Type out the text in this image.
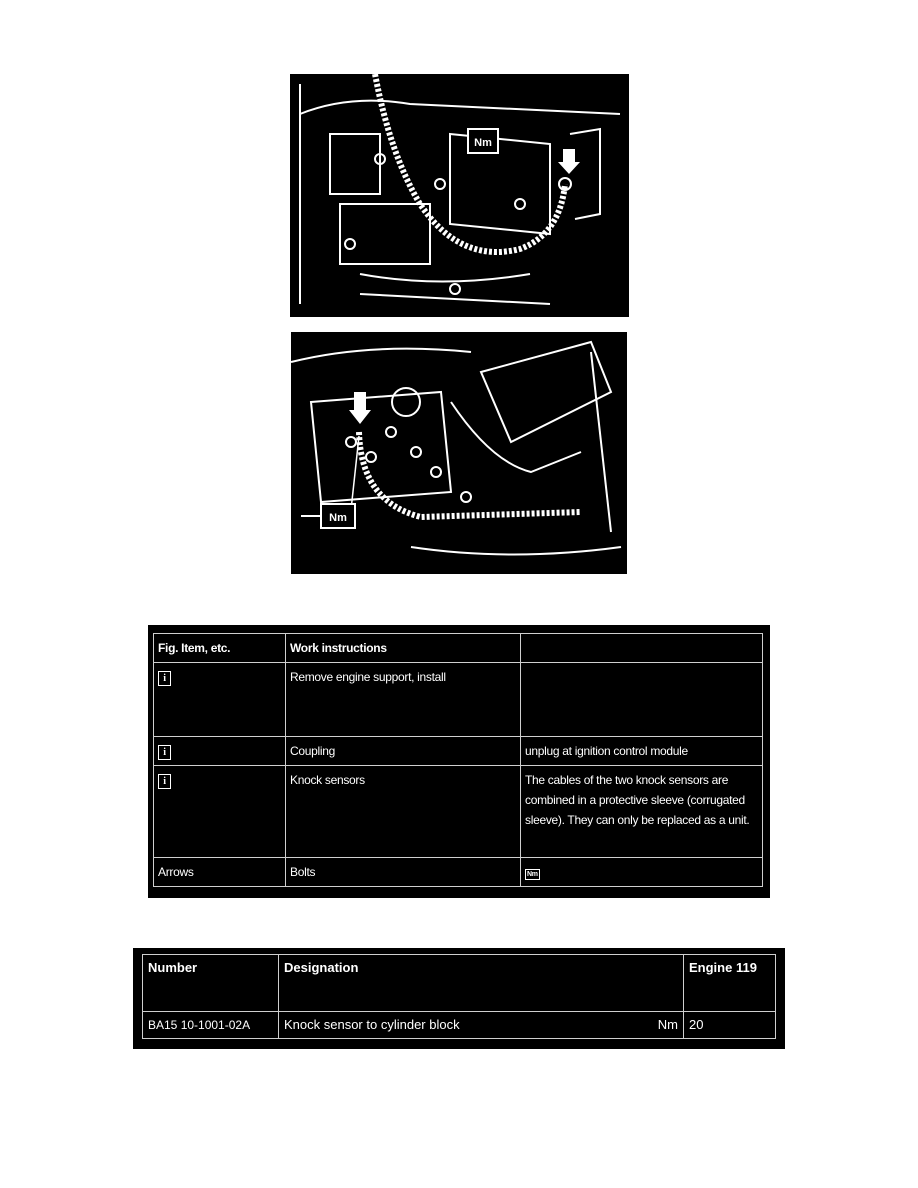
Nm
Nm
Fig. Item, etc.	Work instructions	
i	Remove engine support, install	
i	Coupling	unplug at ignition control module
i	Knock sensors	The cables of the two knock sensors are combined in a protective sleeve (corrugated sleeve). They can only be replaced as a unit.
Arrows	Bolts	Nm
Number	Designation	Engine 119
BA15 10-1001-02A	Knock sensor to cylinder block Nm	20
